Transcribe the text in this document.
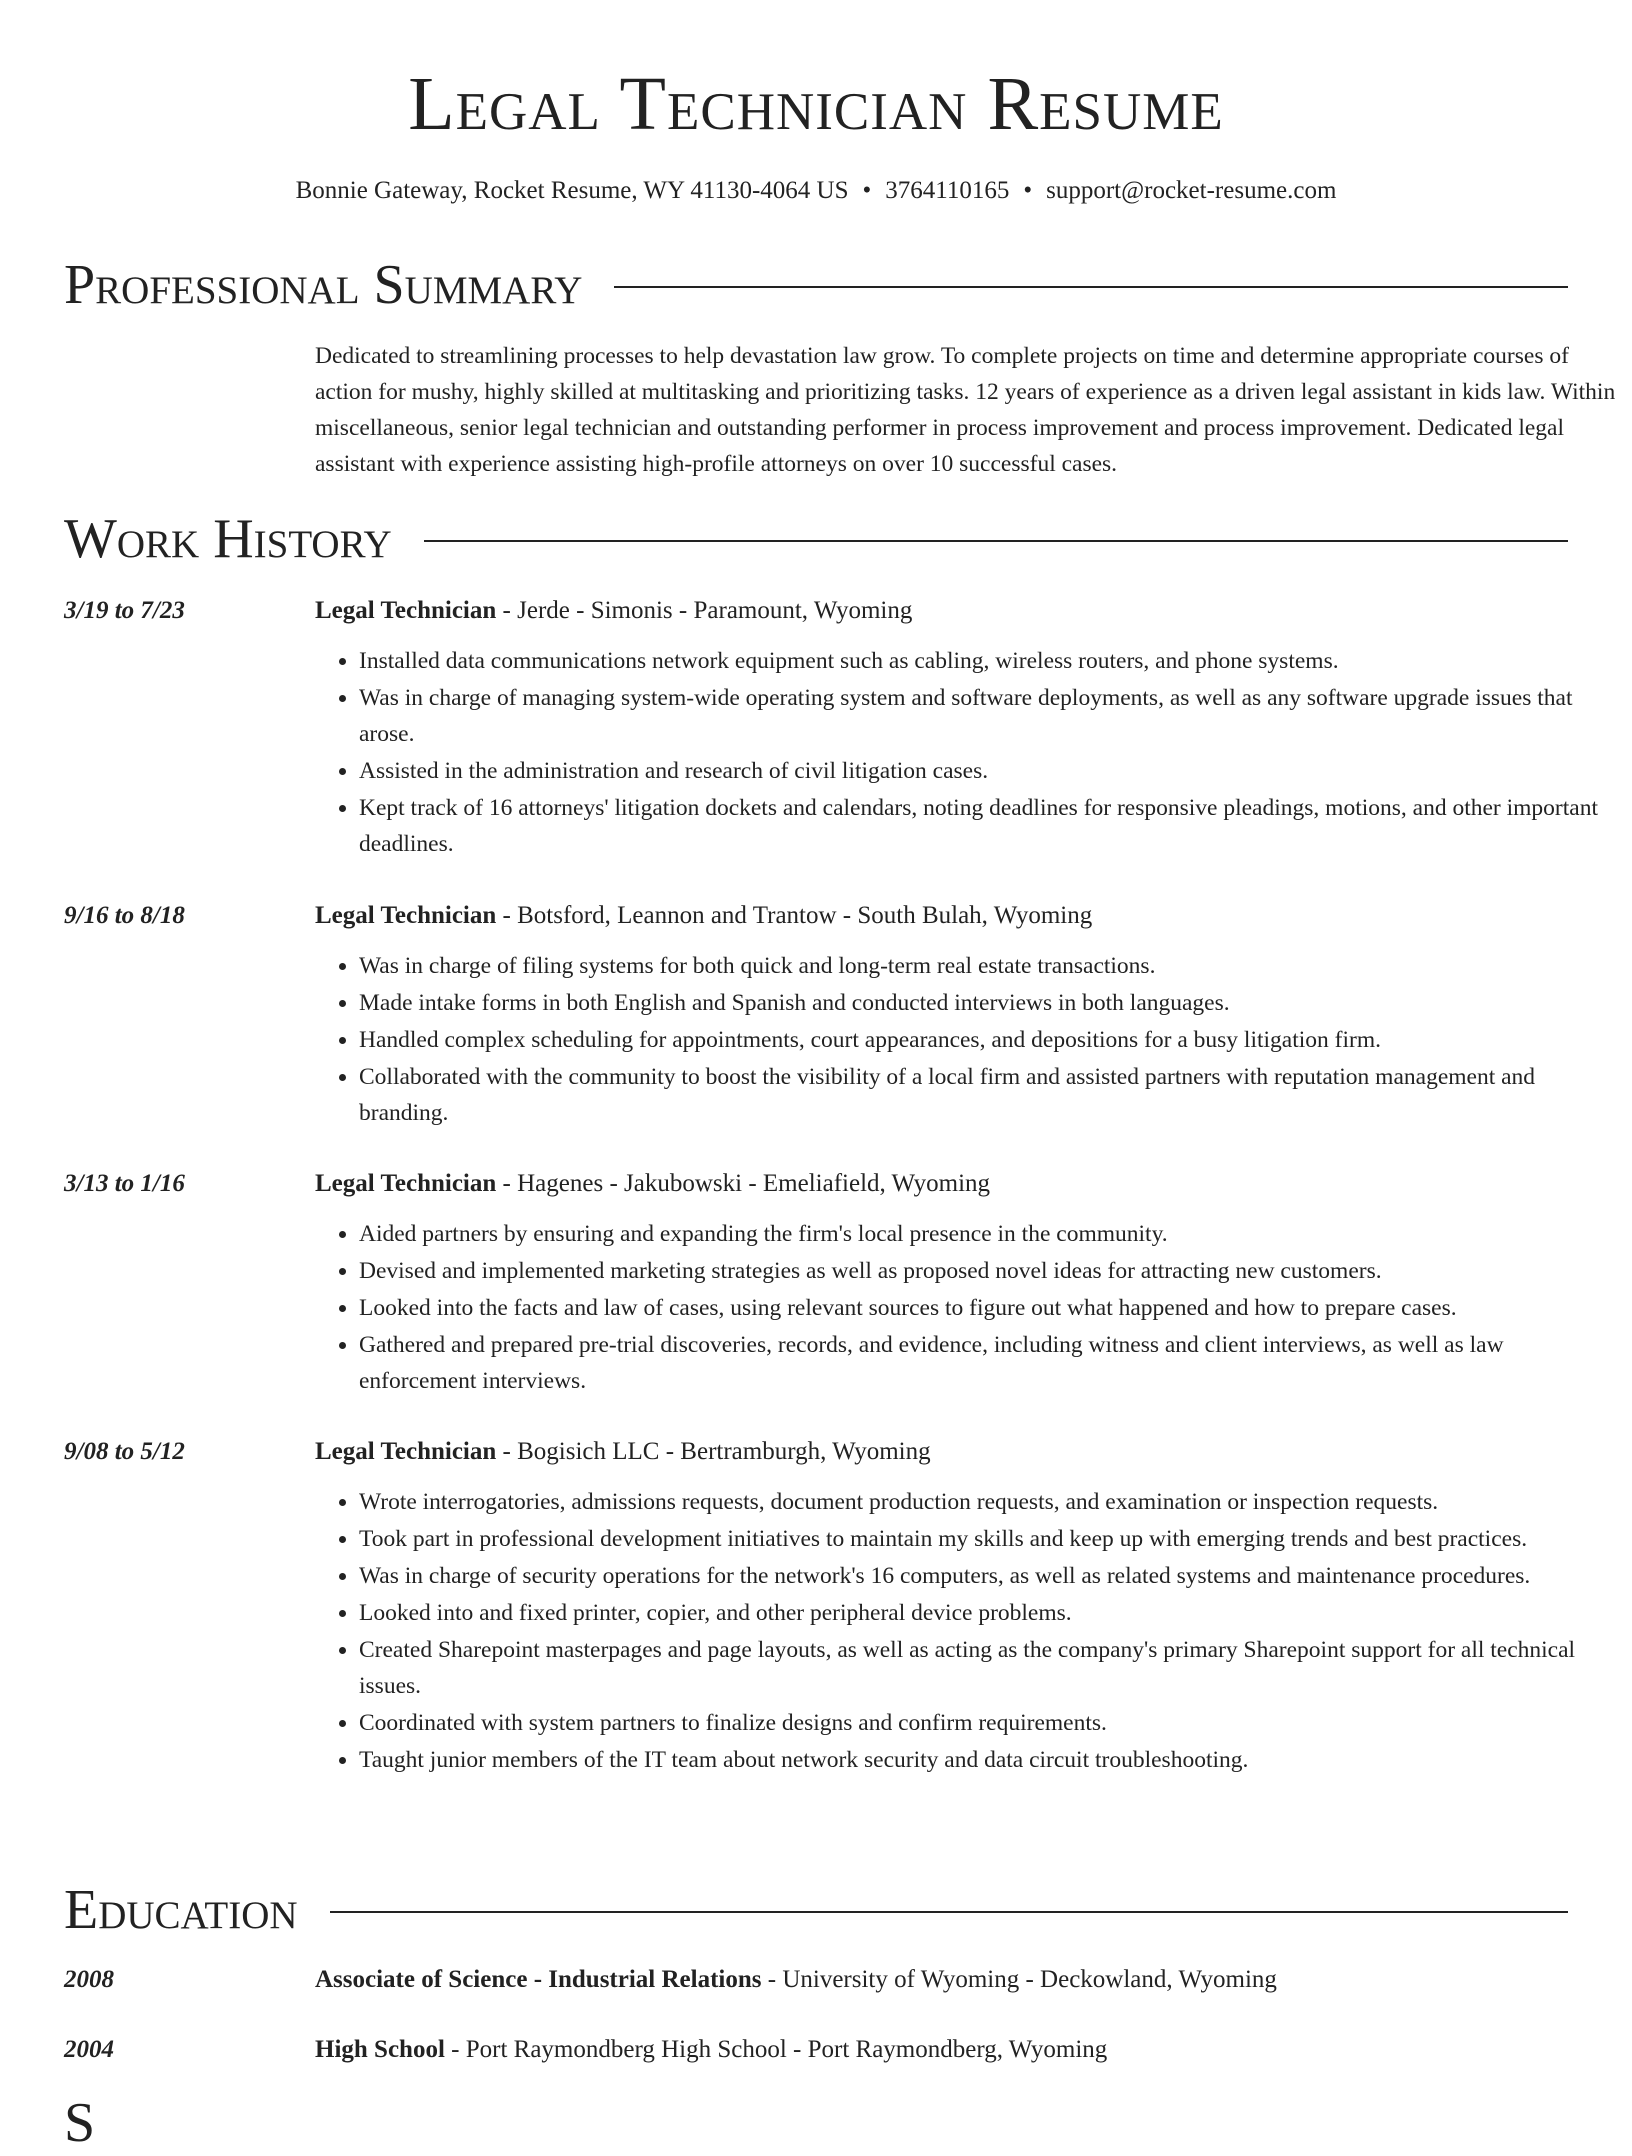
Legal Technician Resume
Bonnie Gateway, Rocket Resume, WY 41130-4064 US • 3764110165 • support@rocket-resume.com
Professional Summary
Dedicated to streamlining processes to help devastation law grow. To complete projects on time and determine appropriate courses of action for mushy, highly skilled at multitasking and prioritizing tasks. 12 years of experience as a driven legal assistant in kids law. Within miscellaneous, senior legal technician and outstanding performer in process improvement and process improvement. Dedicated legal assistant with experience assisting high-profile attorneys on over 10 successful cases.
Work History
3/19 to 7/23	Legal Technician - Jerde - Simonis - Paramount, Wyoming
• Installed data communications network equipment such as cabling, wireless routers, and phone systems.
• Was in charge of managing system-wide operating system and software deployments, as well as any software upgrade issues that arose.
• Assisted in the administration and research of civil litigation cases.
• Kept track of 16 attorneys' litigation dockets and calendars, noting deadlines for responsive pleadings, motions, and other important deadlines.
9/16 to 8/18	Legal Technician - Botsford, Leannon and Trantow - South Bulah, Wyoming
• Was in charge of filing systems for both quick and long-term real estate transactions.
• Made intake forms in both English and Spanish and conducted interviews in both languages.
• Handled complex scheduling for appointments, court appearances, and depositions for a busy litigation firm.
• Collaborated with the community to boost the visibility of a local firm and assisted partners with reputation management and branding.
3/13 to 1/16	Legal Technician - Hagenes - Jakubowski - Emeliafield, Wyoming
• Aided partners by ensuring and expanding the firm's local presence in the community.
• Devised and implemented marketing strategies as well as proposed novel ideas for attracting new customers.
• Looked into the facts and law of cases, using relevant sources to figure out what happened and how to prepare cases.
• Gathered and prepared pre-trial discoveries, records, and evidence, including witness and client interviews, as well as law enforcement interviews.
9/08 to 5/12	Legal Technician - Bogisich LLC - Bertramburgh, Wyoming
• Wrote interrogatories, admissions requests, document production requests, and examination or inspection requests.
• Took part in professional development initiatives to maintain my skills and keep up with emerging trends and best practices.
• Was in charge of security operations for the network's 16 computers, as well as related systems and maintenance procedures.
• Looked into and fixed printer, copier, and other peripheral device problems.
• Created Sharepoint masterpages and page layouts, as well as acting as the company's primary Sharepoint support for all technical issues.
• Coordinated with system partners to finalize designs and confirm requirements.
• Taught junior members of the IT team about network security and data circuit troubleshooting.
Education
2008	Associate of Science - Industrial Relations - University of Wyoming - Deckowland, Wyoming
2004	High School - Port Raymondberg High School - Port Raymondberg, Wyoming
S
